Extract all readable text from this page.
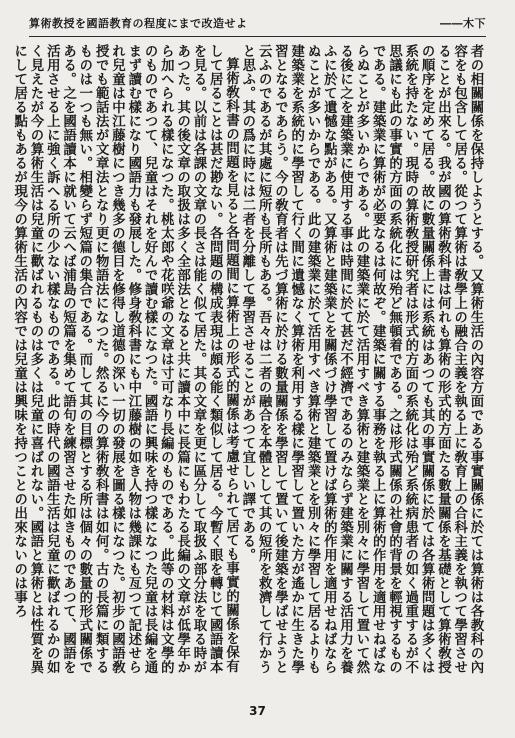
算術教授を國語教育の程度にまで改造せよ	――木下

者の相關關係を保持しようとする。又算術生活の內容方面である事實關係に於ては算術は各教科の內容をも包含して居る。從つて算術は敎學上の融合主義を執る上に敎育上の合科主義を執つて學習させることが出來る。我が國の算術敎科書は何れも算術の形式的方面たる數量關係を基礎として算術敎授の順序を定めて居る。故に數量關係上には系統はあつても其の事實關係に於ては各算術問題は多くは系統を持たない。現時の算術敎授研究者は形式的方面の系統化は殆ど系統病患者の如く過重するが不思議にも此の事實的方面の系統化には殆ど無頓着である。之は形式關係の社會的背景を輕視するものである。建築業に算術が必要なるは何故ぞ。建築に關する事務を執る上に算術的作用を適用せねばならぬことが多いからである。此の建築業に於て活用すべき算術と建築業とを別々に學習して置いて然る後に之を建築業に使用する事は時間に於て甚だ不經濟であるのみならず建築業に關する活用力を養ふに於て遺憾な點がある。又算術と建築業とを關係づけ學習して置けば算術的作用を適用せねばならぬことが多いからである。此の建築業に於て活用すべき算術と建築業とを別々に學習して居るよりも建築業を系統的に學習して行く間に遺憾なく算術を利用する樣に學習して置いた方が遙かに生きた學習となるであらう。今の敎育者は先づ算術に於ける數量關係を學習して置いて後建築を學ばせようと云ふのであるが其處に短所も長所もある。吾々は二者の融合を本體として其の短所を救濟して行かうと思ふ。其の爲に時には二者を分離して學習させることがあつて宜しい譯である。

算術敎科書の問題を見ると各問題間に算術上の形式的關係は考慮せられて居ても事實的關係を保有して居ることは甚だ尠ない。各問題の構成表現は頗る能く類似して居る。今暫く眼を轉じて國語讀本を見る。以前は各課の文章の長さは能く似て居た。其の文章を更に區分して取扱ふ部分法を取る時があつた。其の後文章の取扱は多く全部法となると共に讀本中に長篇にもわたる長編の文章が低學年から加へられる樣になつた。桃太郎や花咲爺の文章は寸可なり長編のものである。此等の材料は文學的のものであつて、兒童はそれを好んで讀む樣になつた。國語に興味を持つ樣になつた兒童は長編を通まず讀む樣になり國語力も發展した。修身敎科書にも中江藤樹の如き人物は幾課にも亙つて記述せられ兒童は中江藤樹につき幾多の德目を修得し道德の深い一切の發展を圖る樣になつた。初步の國語敎授でも範話法が文章法となり更に物語法になつた。然るに今の算術敎科書は如何。古の長篇に類するものは一つも無い。相變らず短篇の集合である。而して其の目標とする所は個々の數量的形式關係である。之を國語讀本に就いて云へば浦島の短篇を集めて語句を練習させた如きものであつて、國語を活用させる上に強く訴へる所の少ない樣なものである。此の時代の國語生活は兒童に歡ばれるかの如く見えたが今の算術生活は兒童に歡ばれるものは多くは兒童に喜ばれない。國語と算術とは性質を異にして居る點もあるが現今の算術生活の內容では兒童は興味を持つことの出來ないのは事ろ

37
